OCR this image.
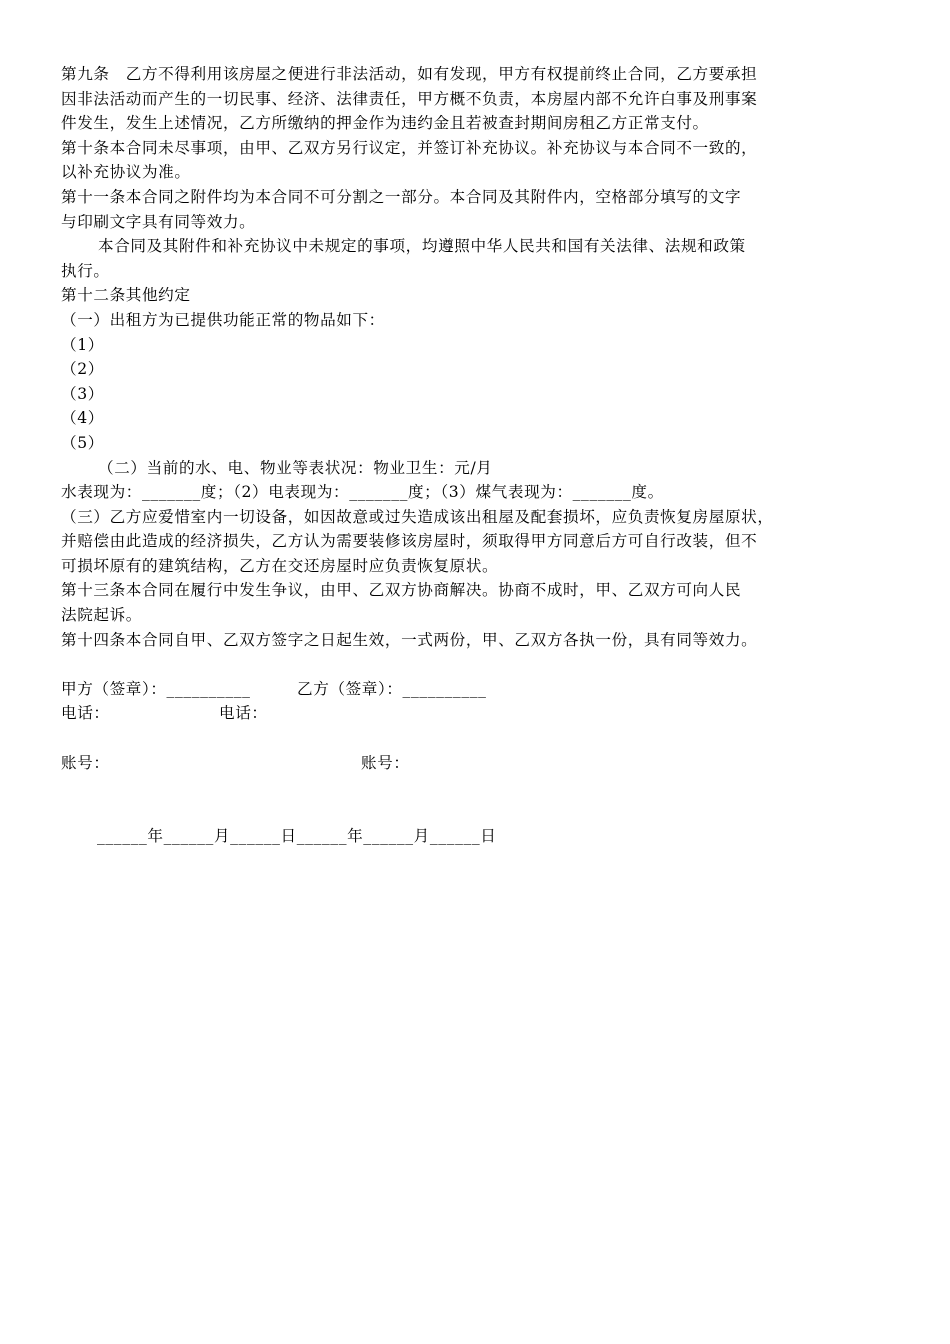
第九条　乙方不得利用该房屋之便进行非法活动，如有发现，甲方有权提前终止合同，乙方要承担

因非法活动而产生的一切民事、经济、法律责任，甲方概不负责，本房屋内部不允许白事及刑事案

件发生，发生上述情况，乙方所缴纳的押金作为违约金且若被查封期间房租乙方正常支付。

第十条本合同未尽事项，由甲、乙双方另行议定，并签订补充协议。补充协议与本合同不一致的，

以补充协议为准。

第十一条本合同之附件均为本合同不可分割之一部分。本合同及其附件内，空格部分填写的文字

与印刷文字具有同等效力。

本合同及其附件和补充协议中未规定的事项，均遵照中华人民共和国有关法律、法规和政策

执行。

第十二条其他约定

（一）出租方为已提供功能正常的物品如下：

（1）

（2）

（3）

（4）

（5）

（二）当前的水、电、物业等表状况：物业卫生：元/月

水表现为：_______度；（2）电表现为：_______度；（3）煤气表现为：_______度。

（三）乙方应爱惜室内一切设备，如因故意或过失造成该出租屋及配套损坏，应负责恢复房屋原状，

并赔偿由此造成的经济损失，乙方认为需要装修该房屋时，须取得甲方同意后方可自行改装，但不

可损坏原有的建筑结构，乙方在交还房屋时应负责恢复原状。

第十三条本合同在履行中发生争议，由甲、乙双方协商解决。协商不成时，甲、乙双方可向人民

法院起诉。

第十四条本合同自甲、乙双方签字之日起生效，一式两份，甲、乙双方各执一份，具有同等效力。

甲方（签章）：__________	乙方（签章）：__________
电话：	电话：
账号：	账号：
______年______月______日______年______月______日
